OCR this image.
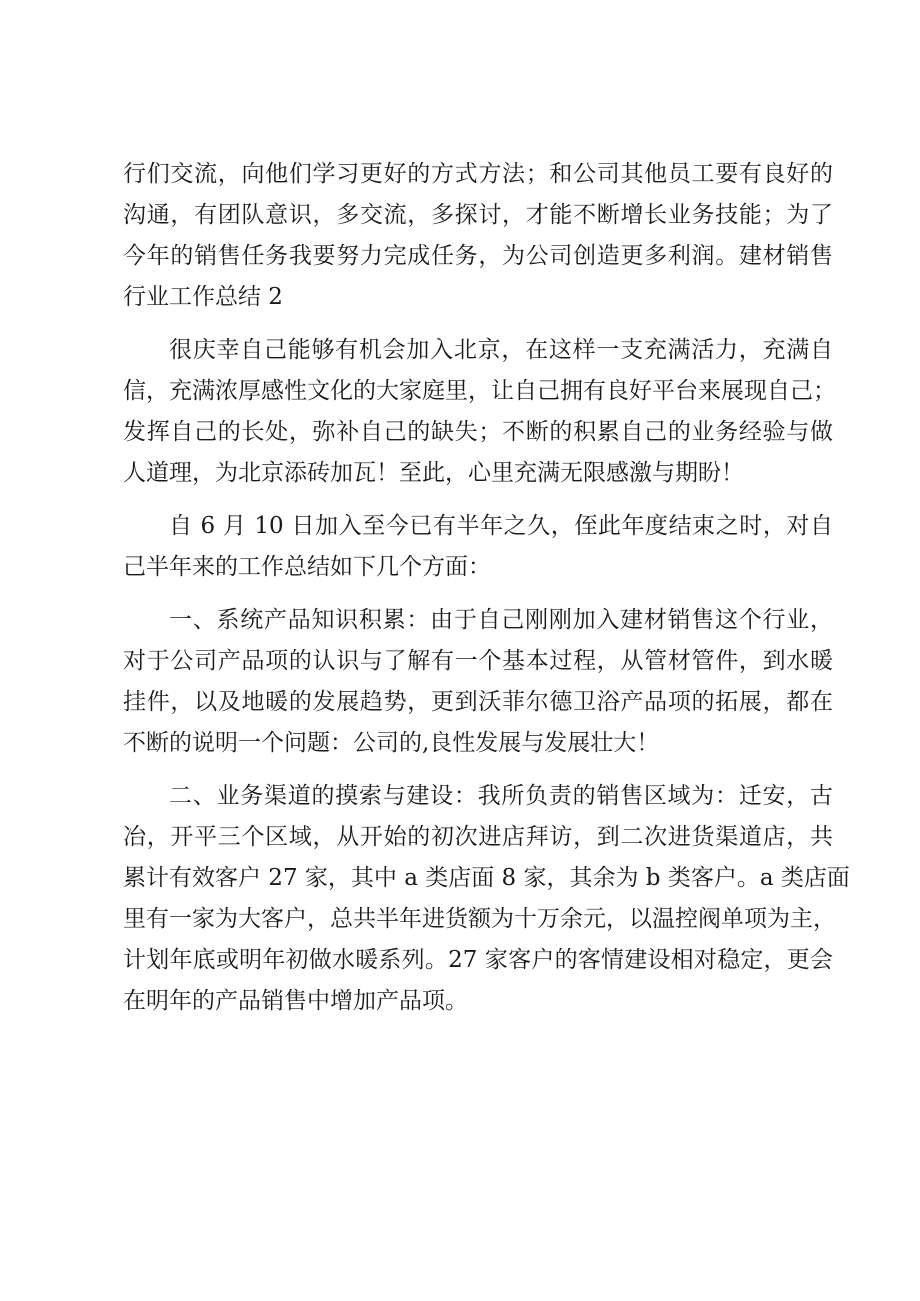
行们交流，向他们学习更好的方式方法；和公司其他员工要有良好的
沟通，有团队意识，多交流，多探讨，才能不断增长业务技能；为了
今年的销售任务我要努力完成任务，为公司创造更多利润。建材销售
行业工作总结 2
很庆幸自己能够有机会加入北京，在这样一支充满活力，充满自
信，充满浓厚感性文化的大家庭里，让自己拥有良好平台来展现自己；
发挥自己的长处，弥补自己的缺失；不断的积累自己的业务经验与做
人道理，为北京添砖加瓦！至此，心里充满无限感激与期盼！
自 6 月 10 日加入至今已有半年之久，侄此年度结束之时，对自
己半年来的工作总结如下几个方面：
一、系统产品知识积累：由于自己刚刚加入建材销售这个行业，
对于公司产品项的认识与了解有一个基本过程，从管材管件，到水暖
挂件，以及地暖的发展趋势，更到沃菲尔德卫浴产品项的拓展，都在
不断的说明一个问题：公司的,良性发展与发展壮大！
二、业务渠道的摸索与建设：我所负责的销售区域为：迁安，古
冶，开平三个区域，从开始的初次进店拜访，到二次进货渠道店，共
累计有效客户 27 家，其中 a 类店面 8 家，其余为 b 类客户。a 类店面
里有一家为大客户，总共半年进货额为十万余元，以温控阀单项为主，
计划年底或明年初做水暖系列。27 家客户的客情建设相对稳定，更会
在明年的产品销售中增加产品项。
